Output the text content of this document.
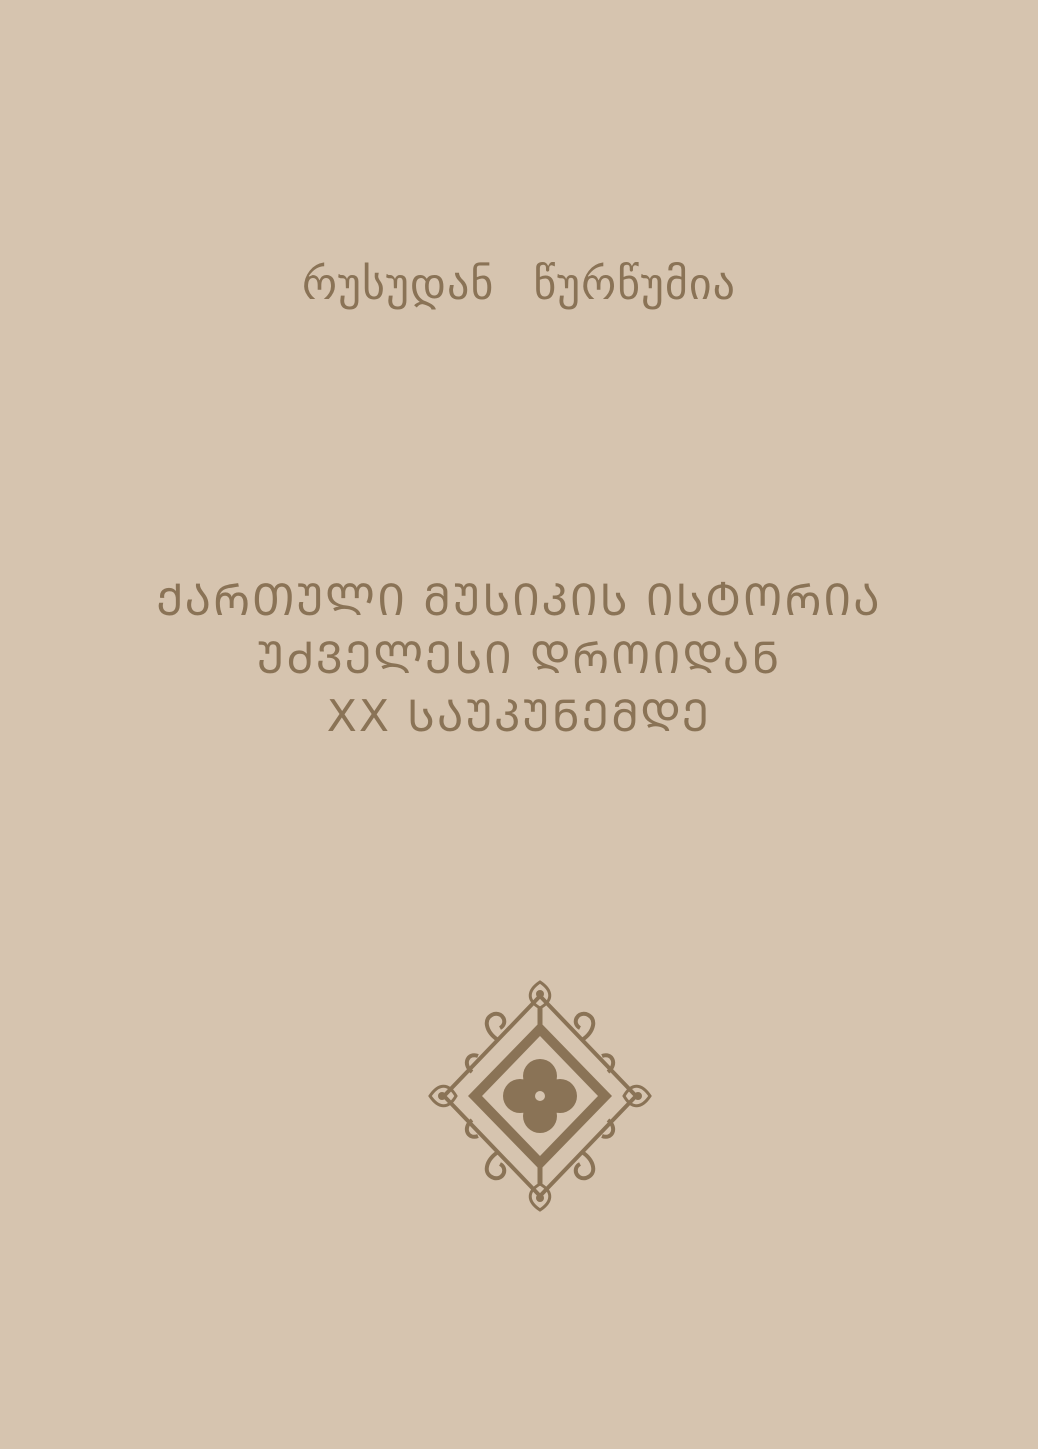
რუსუდან წურწუმია
ᲥᲐᲠᲗᲣᲚᲘ ᲛᲣᲡᲘᲙᲘᲡ ᲘᲡᲢᲝᲠᲘᲐ
ᲣᲫᲕᲔᲚᲔᲡᲘ ᲓᲠᲝᲘᲓᲐᲜ
XX ᲡᲐᲣᲙᲣᲜᲔᲛᲓᲔ
